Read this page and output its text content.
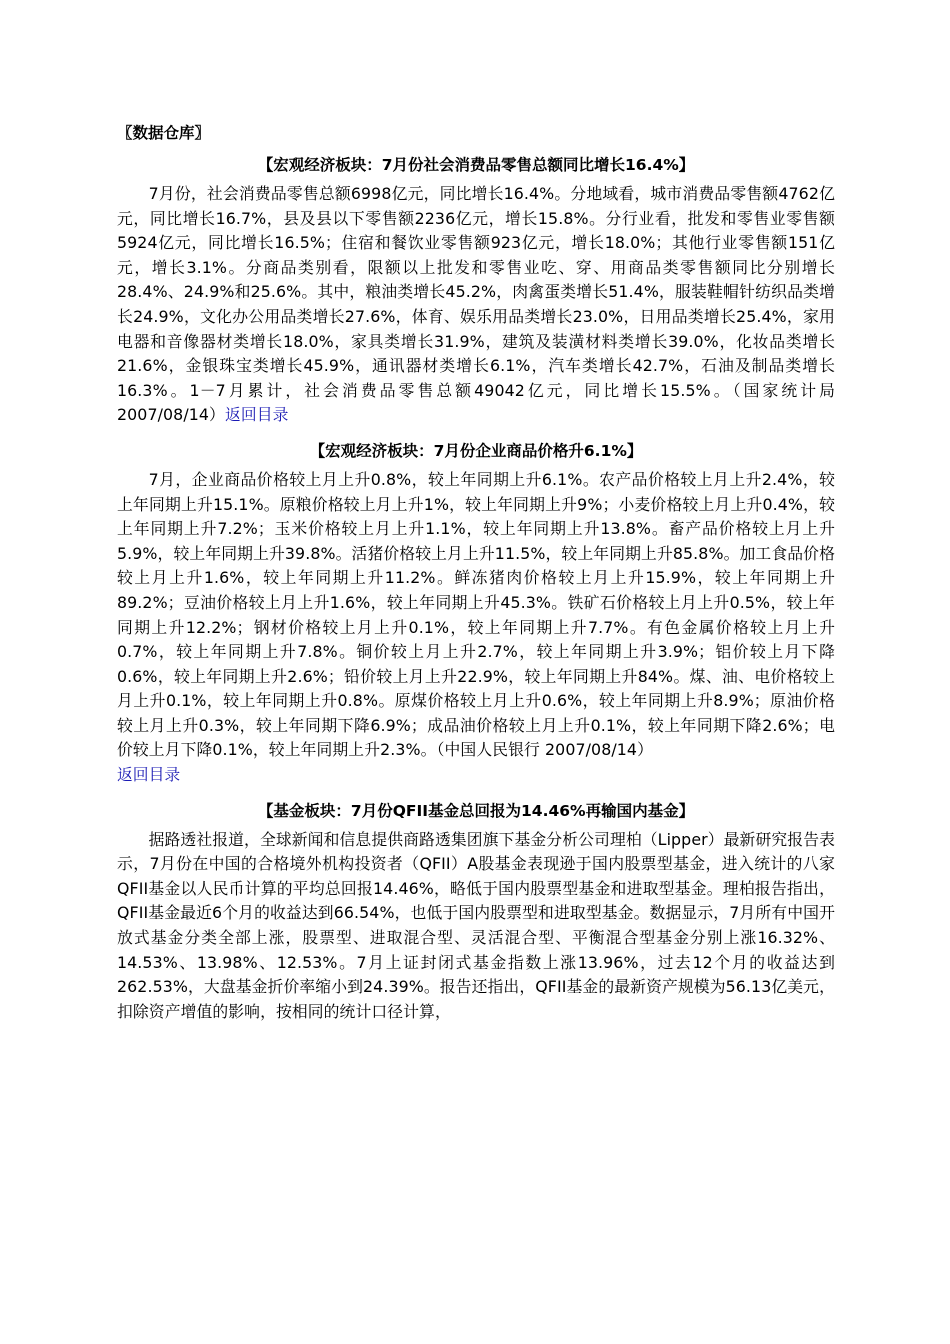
〖数据仓库〗
【宏观经济板块：7月份社会消费品零售总额同比增长16.4%】

7月份，社会消费品零售总额6998亿元，同比增长16.4%。分地域看，城市消费品零售额4762亿元，同比增长16.7%，县及县以下零售额2236亿元，增长15.8%。分行业看，批发和零售业零售额5924亿元，同比增长16.5%；住宿和餐饮业零售额923亿元，增长18.0%；其他行业零售额151亿元，增长3.1%。分商品类别看，限额以上批发和零售业吃、穿、用商品类零售额同比分别增长28.4%、24.9%和25.6%。其中，粮油类增长45.2%，肉禽蛋类增长51.4%，服装鞋帽针纺织品类增长24.9%，文化办公用品类增长27.6%，体育、娱乐用品类增长23.0%，日用品类增长25.4%，家用电器和音像器材类增长18.0%，家具类增长31.9%，建筑及装潢材料类增长39.0%，化妆品类增长21.6%，金银珠宝类增长45.9%，通讯器材类增长6.1%，汽车类增长42.7%，石油及制品类增长16.3%。1－7月累计，社会消费品零售总额49042亿元，同比增长15.5%。（国家统计局 2007/08/14）返回目录

【宏观经济板块：7月份企业商品价格升6.1%】

7月，企业商品价格较上月上升0.8%，较上年同期上升6.1%。农产品价格较上月上升2.4%，较上年同期上升15.1%。原粮价格较上月上升1%，较上年同期上升9%；小麦价格较上月上升0.4%，较上年同期上升7.2%；玉米价格较上月上升1.1%，较上年同期上升13.8%。畜产品价格较上月上升5.9%，较上年同期上升39.8%。活猪价格较上月上升11.5%，较上年同期上升85.8%。加工食品价格较上月上升1.6%，较上年同期上升11.2%。鲜冻猪肉价格较上月上升15.9%，较上年同期上升89.2%；豆油价格较上月上升1.6%，较上年同期上升45.3%。铁矿石价格较上月上升0.5%，较上年同期上升12.2%；钢材价格较上月上升0.1%，较上年同期上升7.7%。有色金属价格较上月上升0.7%，较上年同期上升7.8%。铜价较上月上升2.7%，较上年同期上升3.9%；铝价较上月下降0.6%，较上年同期上升2.6%；铅价较上月上升22.9%，较上年同期上升84%。煤、油、电价格较上月上升0.1%，较上年同期上升0.8%。原煤价格较上月上升0.6%，较上年同期上升8.9%；原油价格较上月上升0.3%，较上年同期下降6.9%；成品油价格较上月上升0.1%，较上年同期下降2.6%；电价较上月下降0.1%，较上年同期上升2.3%。（中国人民银行 2007/08/14）

返回目录
【基金板块：7月份QFII基金总回报为14.46%再输国内基金】

据路透社报道，全球新闻和信息提供商路透集团旗下基金分析公司理柏（Lipper）最新研究报告表示，7月份在中国的合格境外机构投资者（QFII）A股基金表现逊于国内股票型基金，进入统计的八家QFII基金以人民币计算的平均总回报14.46%，略低于国内股票型基金和进取型基金。理柏报告指出，QFII基金最近6个月的收益达到66.54%，也低于国内股票型和进取型基金。数据显示，7月所有中国开放式基金分类全部上涨，股票型、进取混合型、灵活混合型、平衡混合型基金分别上涨16.32%、14.53%、13.98%、12.53%。7月上证封闭式基金指数上涨13.96%，过去12个月的收益达到262.53%，大盘基金折价率缩小到24.39%。报告还指出，QFII基金的最新资产规模为56.13亿美元，扣除资产增值的影响，按相同的统计口径计算，
